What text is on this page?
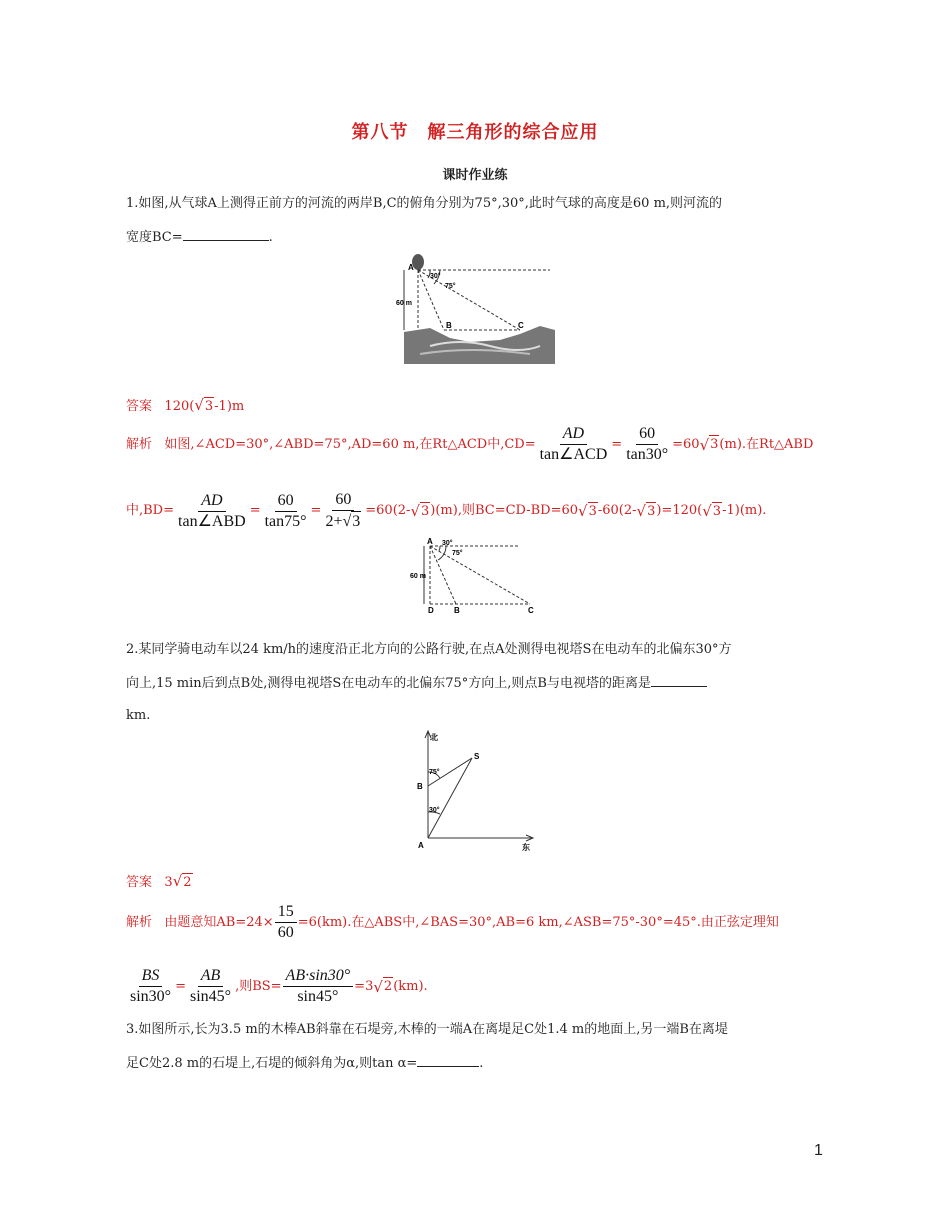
第八节　解三角形的综合应用
课时作业练
1.如图,从气球A上测得正前方的河流的两岸B,C的俯角分别为75°,30°,此时气球的高度是60 m,则河流的
宽度BC=	.
A
60 m
30°
75°
B	C
答案 120(√3-1)m
解析
如图,∠ACD=30°,∠ABD=75°,AD=60 m,在Rt△ACD中$,CD= \frac{AD}{\text{tan∠ACD}} = \frac{60}{\tan 30^\circ} =60$ √ 3 (m).在Rt△ABD
中$,BD= \frac{AD}{\text{tan∠ABD}} = \frac{60}{\tan 75^\circ} = \frac{60}{2+√3} =60(2-$ √ 3 )(m),则BC=CD-BD=60 √ 3 -60(2- √ 3 )=120( √ 3 -1)(m).
A 30°
75°
60 m
D	B	C
2.某同学骑电动车以24 km/h的速度沿正北方向的公路行驶,在点A处测得电视塔S在电动车的北偏东30°方
向上,15 min后到点B处,测得电视塔S在电动车的北偏东75°方向上,则点B与电视塔的距离是
km.
北
东
A
B
S
75°
30°
答案 3√2
解析
由题意知$AB=24\times \frac{15}{60} =6(km)$.在△ABS中,∠BAS=30°,AB=6 km,∠ASB=75°-30°=45°.由正弦定理知
$\frac{BS}{\sin 30^\circ} = \frac{AB}{\sin 45^\circ}$ ,则$BS= \frac{AB\cdot\sin 30^\circ}{\sin 45^\circ} =3$ √ 2 (km).
3.如图所示,长为3.5 m的木棒AB斜靠在石堤旁,木棒的一端A在离堤足C处1.4 m的地面上,另一端B在离堤
足C处2.8 m的石堤上,石堤的倾斜角为α,则tan α=	.
1
